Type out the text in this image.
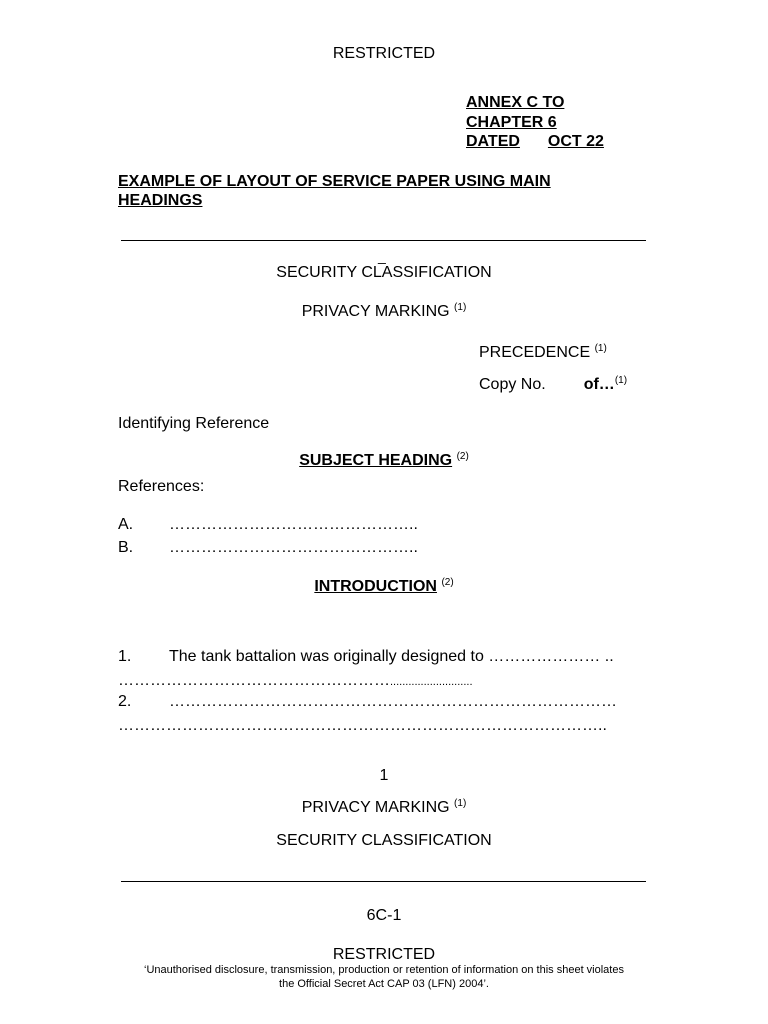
RESTRICTED
ANNEX C TO
CHAPTER 6
DATED OCT 22
EXAMPLE OF LAYOUT OF SERVICE PAPER USING MAIN
HEADINGS
_
SECURITY CLASSIFICATION
PRIVACY MARKING $^{(1)}$
PRECEDENCE $^{(1)}$
Copy No. of…$^{(1)}$
Identifying Reference
SUBJECT HEADING $^{(2)}$
References:
A. ………………………………………..
B. ………………………………………..
INTRODUCTION $^{(2)}$
1. The tank battalion was originally designed to ………………… ..
……………………………………………...........................
2. …………………………………………………………………………
………………………………………………………………………………..
1
PRIVACY MARKING $^{(1)}$
SECURITY CLASSIFICATION
6C-1
RESTRICTED
‘Unauthorised disclosure, transmission, production or retention of information on this sheet violates
the Official Secret Act CAP 03 (LFN) 2004’.
